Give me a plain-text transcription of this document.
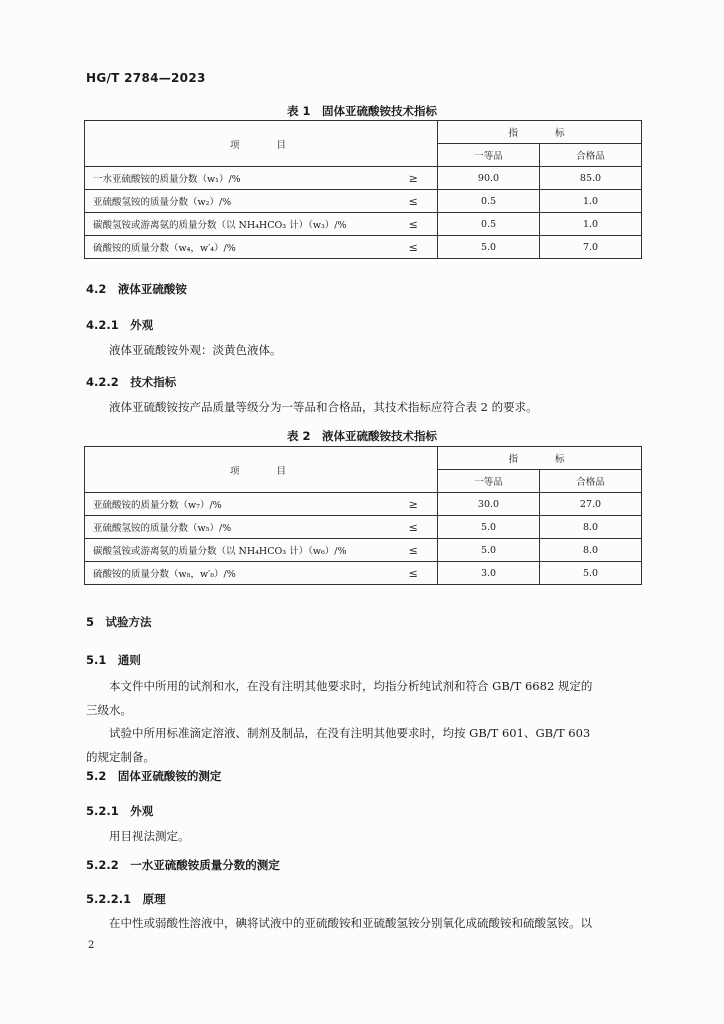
HG/T 2784—2023
表 1　固体亚硫酸铵技术指标
项　　目		指　　标	
		一等品	合格品
一水亚硫酸铵的质量分数（w₁）/%	≥	90.0	85.0
亚硫酸氢铵的质量分数（w₂）/%	≤	0.5	1.0
碳酸氢铵或游离氨的质量分数（以 NH₄HCO₃ 计）（w₃）/%	≤	0.5	1.0
硫酸铵的质量分数（w₄，w′₄）/%	≤	5.0	7.0
4.2　液体亚硫酸铵
4.2.1　外观
液体亚硫酸铵外观：淡黄色液体。
4.2.2　技术指标
液体亚硫酸铵按产品质量等级分为一等品和合格品，其技术指标应符合表 2 的要求。
表 2　液体亚硫酸铵技术指标
项　　目		指　　标	
		一等品	合格品
亚硫酸铵的质量分数（w₇）/%	≥	30.0	27.0
亚硫酸氢铵的质量分数（w₅）/%	≤	5.0	8.0
碳酸氢铵或游离氨的质量分数（以 NH₄HCO₃ 计）（w₆）/%	≤	5.0	8.0
硫酸铵的质量分数（w₈，w′₈）/%	≤	3.0	5.0
5　试验方法
5.1　通则
本文件中所用的试剂和水，在没有注明其他要求时，均指分析纯试剂和符合 GB/T 6682 规定的
三级水。
试验中所用标准滴定溶液、制剂及制品，在没有注明其他要求时，均按 GB/T 601、GB/T 603
的规定制备。
5.2　固体亚硫酸铵的测定
5.2.1　外观
用目视法测定。
5.2.2　一水亚硫酸铵质量分数的测定
5.2.2.1　原理
在中性或弱酸性溶液中，碘将试液中的亚硫酸铵和亚硫酸氢铵分别氧化成硫酸铵和硫酸氢铵。以
2
